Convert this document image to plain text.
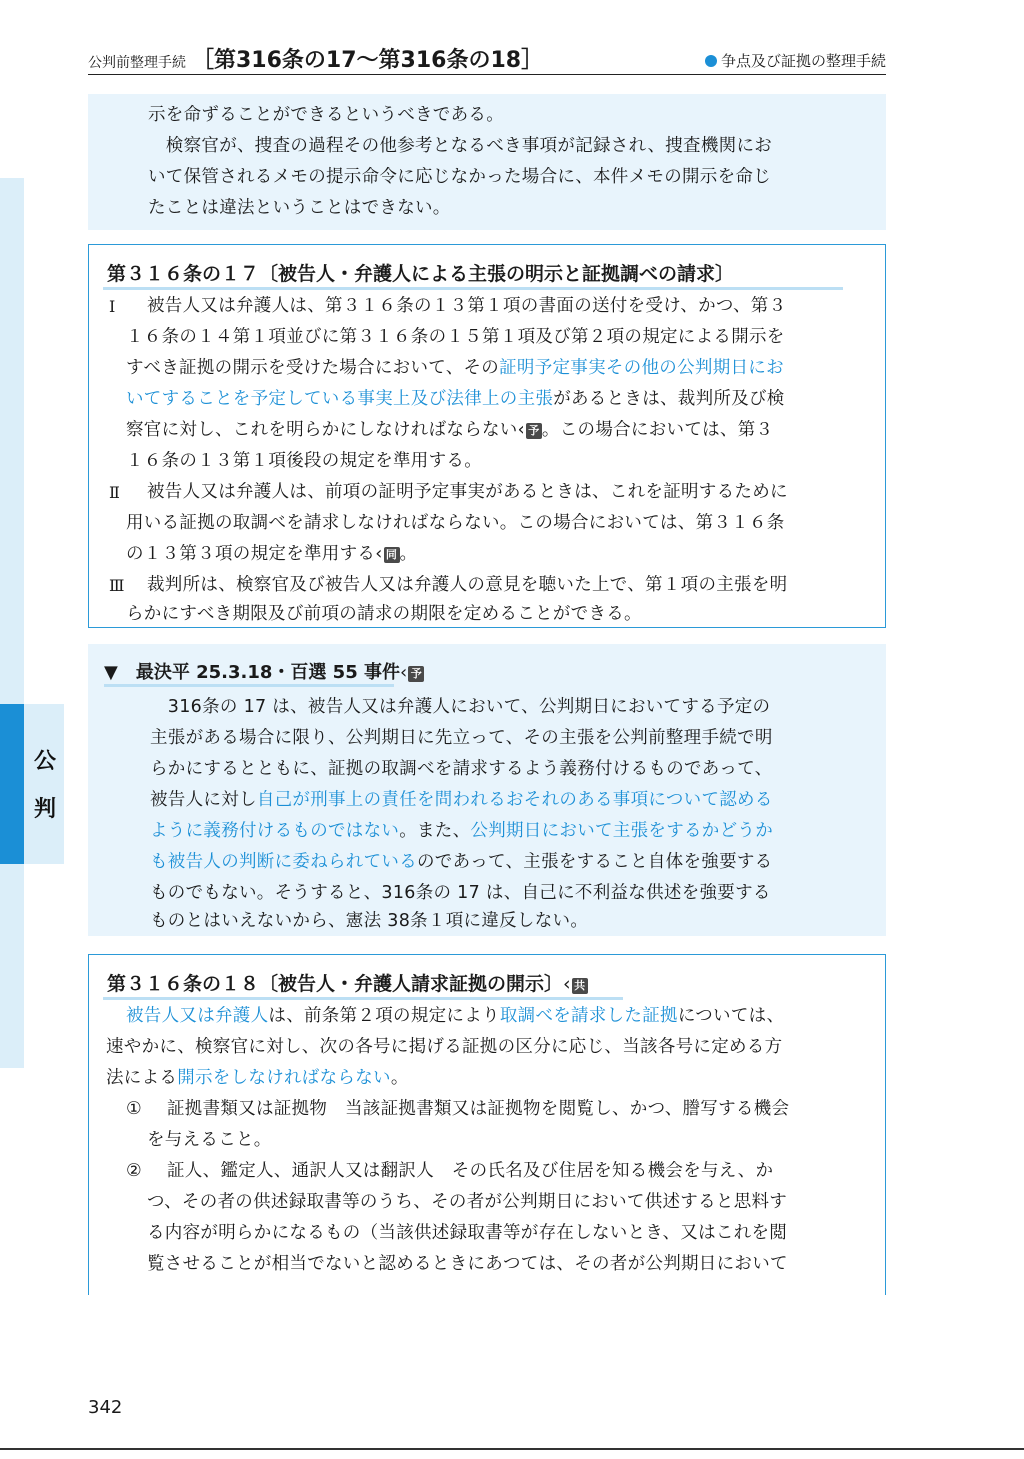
公判前整理手続 ［第316条の17～第316条の18］	争点及び証拠の整理手続
公
判
示を命ずることができるというべきである。
　検察官が、捜査の過程その他参考となるべき事項が記録され、捜査機関にお
いて保管されるメモの提示命令に応じなかった場合に、本件メモの開示を命じ
たことは違法ということはできない。
第３１６条の１７〔被告人・弁護人による主張の明示と証拠調べの請求〕
Ⅰ 被告人又は弁護人は、第３１６条の１３第１項の書面の送付を受け、かつ、第３
１６条の１４第１項並びに第３１６条の１５第１項及び第２項の規定による開示を
すべき証拠の開示を受けた場合において、その証明予定事実その他の公判期日にお
いてすることを予定している事実上及び法律上の主張があるときは、裁判所及び検
察官に対し、これを明らかにしなければならない‹ 予 。この場合においては、第３
１６条の１３第１項後段の規定を準用する。
Ⅱ 被告人又は弁護人は、前項の証明予定事実があるときは、これを証明するために
用いる証拠の取調べを請求しなければならない。この場合においては、第３１６条
の１３第３項の規定を準用する‹ 同 。
Ⅲ 裁判所は、検察官及び被告人又は弁護人の意見を聴いた上で、第１項の主張を明
らかにすべき期限及び前項の請求の期限を定めることができる。
▼　 最決平 25.3.18・百選 55 事件‹ 予
　316条の 17 は、被告人又は弁護人において、公判期日においてする予定の
主張がある場合に限り、公判期日に先立って、その主張を公判前整理手続で明
らかにするとともに、証拠の取調べを請求するよう義務付けるものであって、
被告人に対し自己が刑事上の責任を問われるおそれのある事項について認める
ように義務付けるものではない。また、公判期日において主張をするかどうか
も被告人の判断に委ねられているのであって、主張をすること自体を強要する
ものでもない。そうすると、316条の 17 は、自己に不利益な供述を強要する
ものとはいえないから、憲法 38条１項に違反しない。
第３１６条の１８〔被告人・弁護人請求証拠の開示〕‹ 共
被告人又は弁護人は、前条第２項の規定により取調べを請求した証拠については、
速やかに、検察官に対し、次の各号に掲げる証拠の区分に応じ、当該各号に定める方
法による開示をしなければならない。
① 証拠書類又は証拠物　当該証拠書類又は証拠物を閲覧し、かつ、謄写する機会
を与えること。
② 証人、鑑定人、通訳人又は翻訳人　その氏名及び住居を知る機会を与え、か
つ、その者の供述録取書等のうち、その者が公判期日において供述すると思料す
る内容が明らかになるもの（当該供述録取書等が存在しないとき、又はこれを閲
覧させることが相当でないと認めるときにあつては、その者が公判期日において
342
